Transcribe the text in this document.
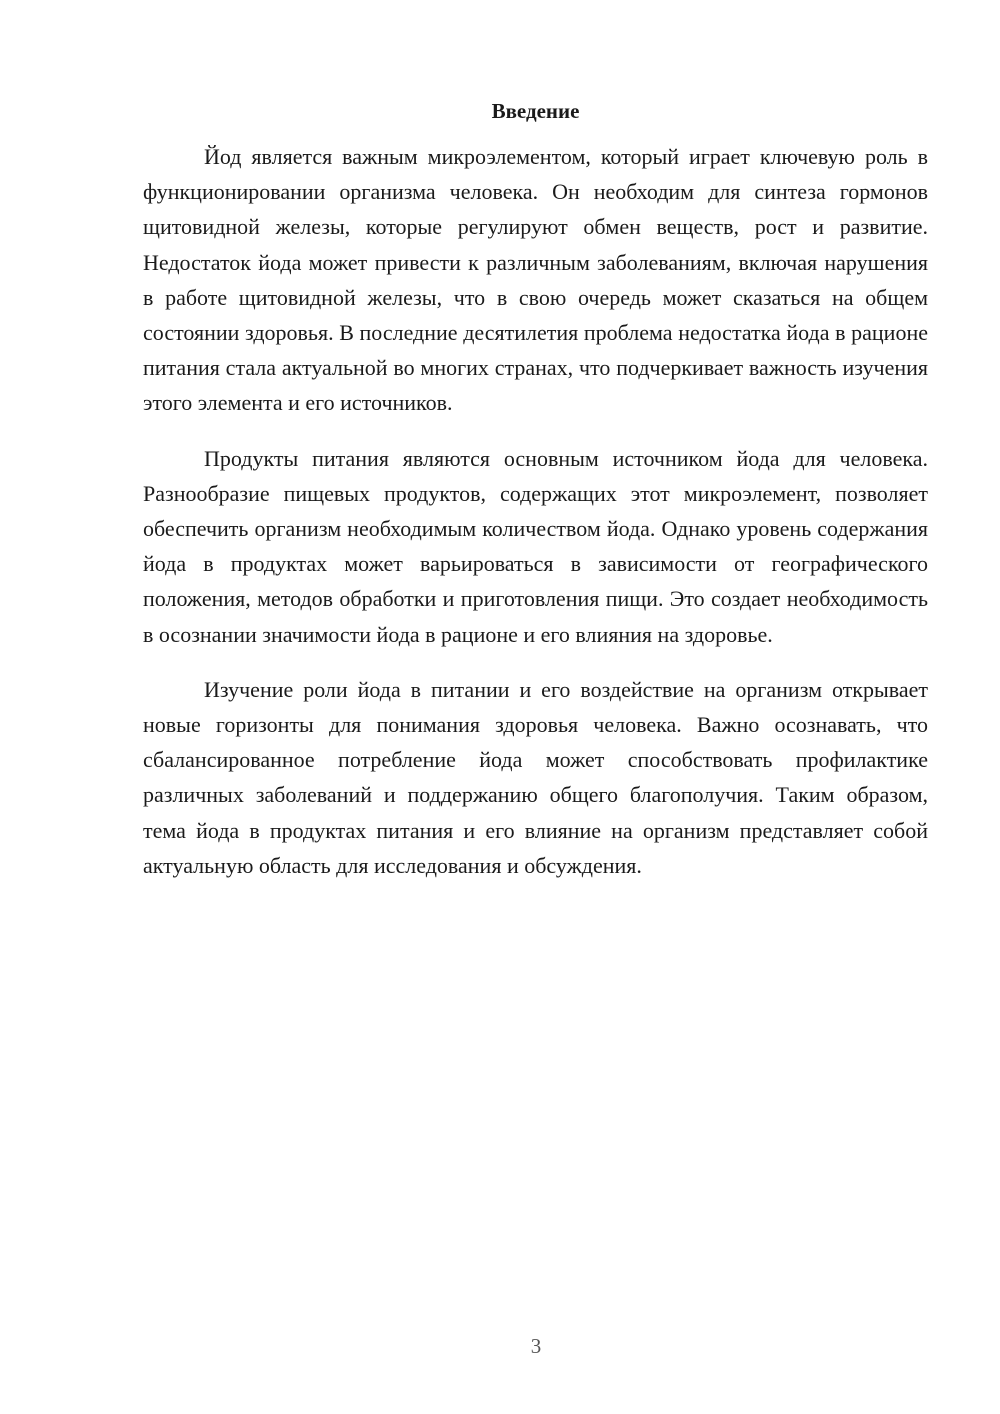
Введение

Йод является важным микроэлементом, который играет ключевую роль в функционировании организма человека. Он необходим для синтеза гормонов щитовидной железы, которые регулируют обмен веществ, рост и развитие. Недостаток йода может привести к различным заболеваниям, включая нарушения в работе щитовидной железы, что в свою очередь может сказаться на общем состоянии здоровья. В последние десятилетия проблема недостатка йода в рационе питания стала актуальной во многих странах, что подчеркивает важность изучения этого элемента и его источников.

Продукты питания являются основным источником йода для человека. Разнообразие пищевых продуктов, содержащих этот микроэлемент, позволяет обеспечить организм необходимым количеством йода. Однако уровень содержания йода в продуктах может варьироваться в зависимости от географического положения, методов обработки и приготовления пищи. Это создает необходимость в осознании значимости йода в рационе и его влияния на здоровье.

Изучение роли йода в питании и его воздействие на организм открывает новые горизонты для понимания здоровья человека. Важно осознавать, что сбалансированное потребление йода может способствовать профилактике различных заболеваний и поддержанию общего благополучия. Таким образом, тема йода в продуктах питания и его влияние на организм представляет собой актуальную область для исследования и обсуждения.

3
